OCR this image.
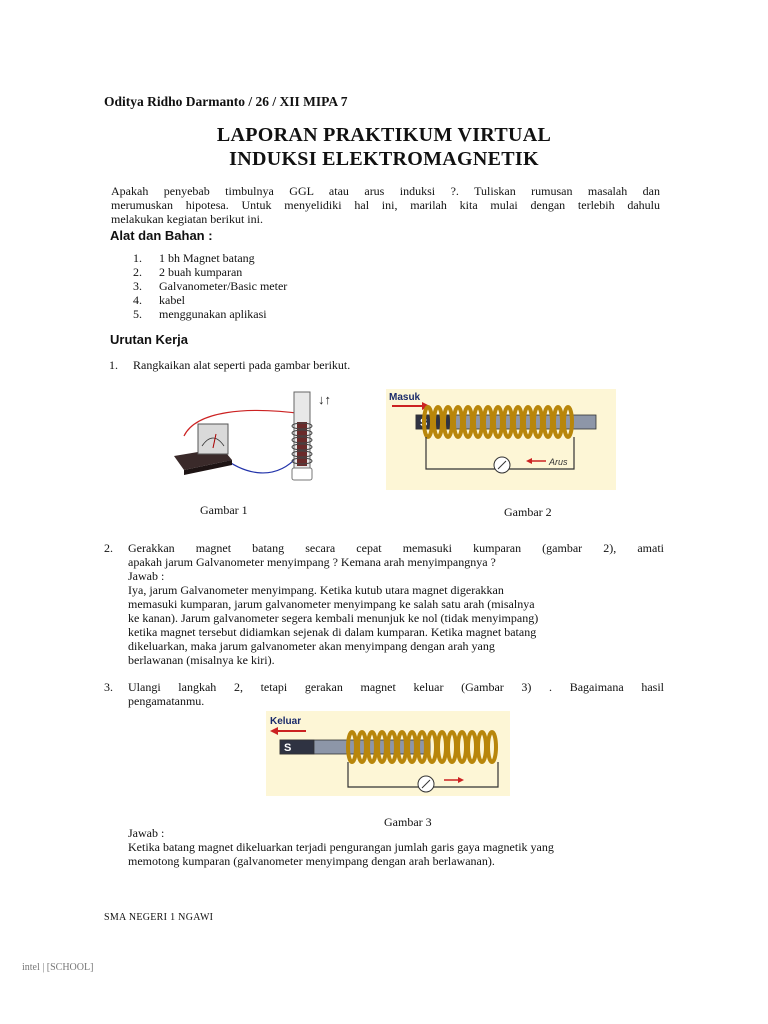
Oditya Ridho Darmanto / 26 / XII MIPA 7
LAPORAN PRAKTIKUM VIRTUAL
INDUKSI ELEKTROMAGNETIK
Apakah penyebab timbulnya GGL atau arus induksi ?. Tuliskan rumusan masalah dan
merumuskan hipotesa. Untuk menyelidiki hal ini, marilah kita mulai dengan terlebih dahulu
melakukan kegiatan berikut ini.
Alat dan Bahan :
1. 1 bh Magnet batang
2. 2 buah kumparan
3. Galvanometer/Basic meter
4. kabel
5. menggunakan aplikasi
Urutan Kerja
1.	Rangkaikan alat seperti pada gambar berikut.
↓↑
Gambar 1
Masuk
S
Arus
Gambar 2
2. Gerakkan magnet batang secara cepat memasuki kumparan (gambar 2), amati
apakah jarum Galvanometer menyimpang ? Kemana arah menyimpangnya ?
Jawab :
Iya, jarum Galvanometer menyimpang. Ketika kutub utara magnet digerakkan
memasuki kumparan, jarum galvanometer menyimpang ke salah satu arah (misalnya
ke kanan). Jarum galvanometer segera kembali menunjuk ke nol (tidak menyimpang)
ketika magnet tersebut didiamkan sejenak di dalam kumparan. Ketika magnet batang
dikeluarkan, maka jarum galvanometer akan menyimpang dengan arah yang
berlawanan (misalnya ke kiri).
3. Ulangi langkah 2, tetapi gerakan magnet keluar (Gambar 3) . Bagaimana hasil
pengamatanmu.
Keluar
S
Gambar 3
Jawab :
Ketika batang magnet dikeluarkan terjadi pengurangan jumlah garis gaya magnetik yang
memotong kumparan (galvanometer menyimpang dengan arah berlawanan).
SMA NEGERI 1 NGAWI
intel | [SCHOOL]
